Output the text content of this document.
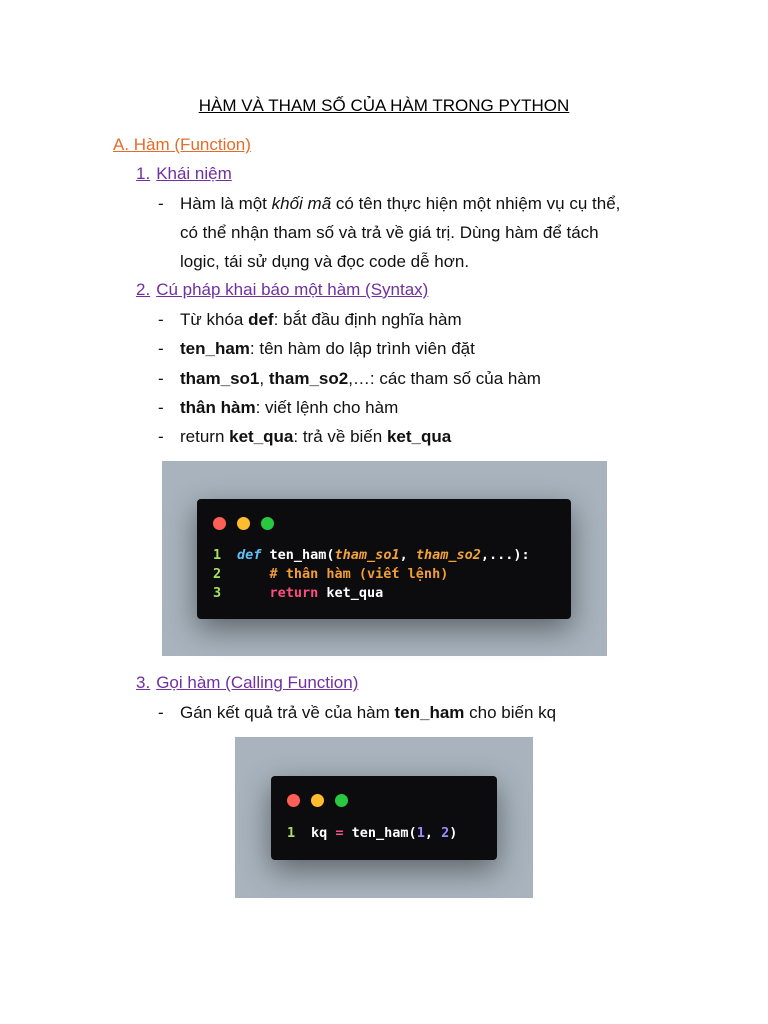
HÀM VÀ THAM SỐ CỦA HÀM TRONG PYTHON
A. Hàm (Function)
1. Khái niệm
- Hàm là một khối mã có tên thực hiện một nhiệm vụ cụ thể,
có thể nhận tham số và trả về giá trị. Dùng hàm để tách
logic, tái sử dụng và đọc code dễ hơn.
2. Cú pháp khai báo một hàm (Syntax)
- Từ khóa def: bắt đầu định nghĩa hàm
- ten_ham: tên hàm do lập trình viên đặt
- tham_so1, tham_so2,…: các tham số của hàm
- thân hàm: viết lệnh cho hàm
- return ket_qua: trả về biến ket_qua
1 def ten_ham(tham_so1, tham_so2,...):
2    # thân hàm (viết lệnh)
3    return ket_qua
3. Gọi hàm (Calling Function)
- Gán kết quả trả về của hàm ten_ham cho biến kq
1 kq = ten_ham(1, 2)
